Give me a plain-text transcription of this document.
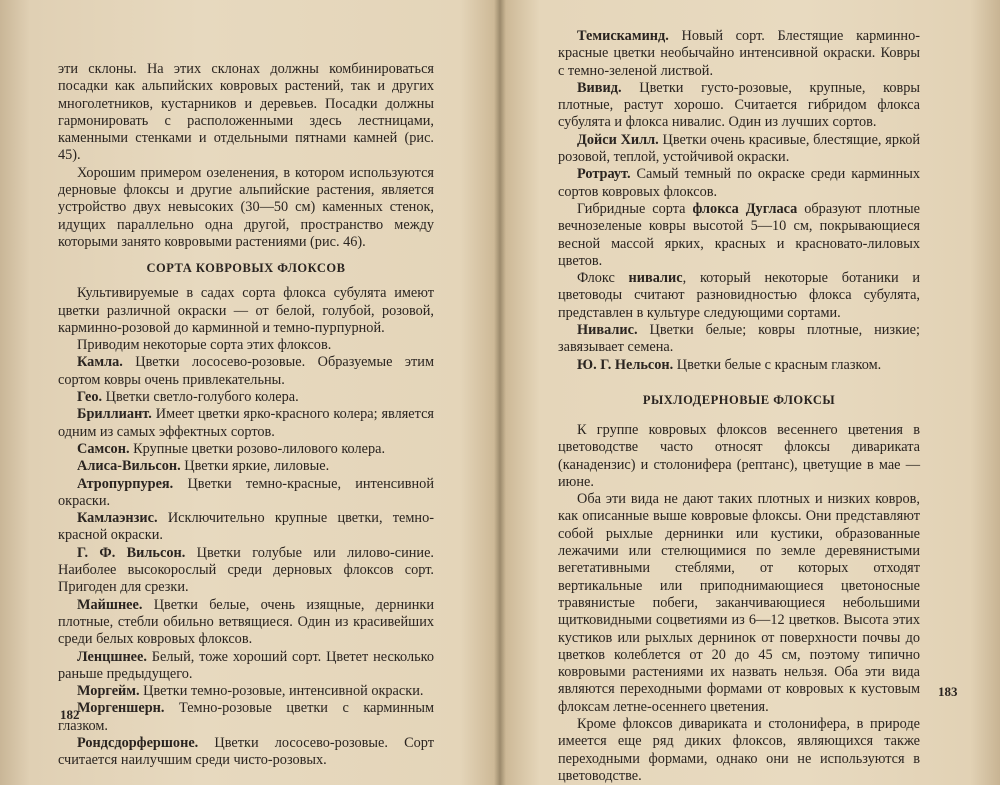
эти склоны. На этих склонах должны комбинироваться посадки как альпийских ковровых растений, так и других многолетников, кустарников и деревьев. Посадки должны гармонировать с расположенными здесь лестницами, каменными стенками и отдельными пятнами камней (рис. 45).

Хорошим примером озеленения, в котором используются дерновые флоксы и другие альпийские растения, является устройство двух невысоких (30—50 см) каменных стенок, идущих параллельно одна другой, пространство между которыми занято ковровыми растениями (рис. 46).

СОРТА КОВРОВЫХ ФЛОКСОВ

Культивируемые в садах сорта флокса субулята имеют цветки различной окраски — от белой, голубой, розовой, карминно-розовой до карминной и темно-пурпурной.

Приводим некоторые сорта этих флоксов.

Камла. Цветки лососево-розовые. Образуемые этим сортом ковры очень привлекательны.

Гео. Цветки светло-голубого колера.

Бриллиант. Имеет цветки ярко-красного колера; является одним из самых эффектных сортов.

Самсон. Крупные цветки розово-лилового колера.

Алиса-Вильсон. Цветки яркие, лиловые.

Атропурпурея. Цветки темно-красные, интенсивной окраски.

Камлаэнзис. Исключительно крупные цветки, темно-красной окраски.

Г. Ф. Вильсон. Цветки голубые или лилово-синие. Наиболее высокорослый среди дерновых флоксов сорт. Пригоден для срезки.

Майшнее. Цветки белые, очень изящные, дернинки плотные, стебли обильно ветвящиеся. Один из красивейших среди белых ковровых флоксов.

Ленцшнее. Белый, тоже хороший сорт. Цветет несколько раньше предыдущего.

Моргейм. Цветки темно-розовые, интенсивной окраски.

Моргеншерн. Темно-розовые цветки с карминным глазком.

Рондсдорфершоне. Цветки лососево-розовые. Сорт считается наилучшим среди чисто-розовых.

182

Темискаминд. Новый сорт. Блестящие карминно-красные цветки необычайно интенсивной окраски. Ковры с темно-зеленой листвой.

Вивид. Цветки густо-розовые, крупные, ковры плотные, растут хорошо. Считается гибридом флокса субулята и флокса нивалис. Один из лучших сортов.

Дойси Хилл. Цветки очень красивые, блестящие, яркой розовой, теплой, устойчивой окраски.

Ротраут. Самый темный по окраске среди карминных сортов ковровых флоксов.

Гибридные сорта флокса Дугласа образуют плотные вечнозеленые ковры высотой 5—10 см, покрывающиеся весной массой ярких, красных и красновато-лиловых цветов.

Флокс нивалис, который некоторые ботаники и цветоводы считают разновидностью флокса субулята, представлен в культуре следующими сортами.

Нивалис. Цветки белые; ковры плотные, низкие; завязывает семена.

Ю. Г. Нельсон. Цветки белые с красным глазком.

РЫХЛОДЕРНОВЫЕ ФЛОКСЫ

К группе ковровых флоксов весеннего цветения в цветоводстве часто относят флоксы дивариката (канадензис) и столонифера (рептанс), цветущие в мае — июне.

Оба эти вида не дают таких плотных и низких ковров, как описанные выше ковровые флоксы. Они представляют собой рыхлые дернинки или кустики, образованные лежачими или стелющимися по земле деревянистыми вегетативными стеблями, от которых отходят вертикальные или приподнимающиеся цветоносные травянистые побеги, заканчивающиеся небольшими щитковидными соцветиями из 6—12 цветков. Высота этих кустиков или рыхлых дернинок от поверхности почвы до цветков колеблется от 20 до 45 см, поэтому типично ковровыми растениями их назвать нельзя. Оба эти вида являются переходными формами от ковровых к кустовым флоксам летне-осеннего цветения.

Кроме флоксов дивариката и столонифера, в природе имеется еще ряд диких флоксов, являющихся также переходными формами, однако они не используются в цветоводстве.

183
